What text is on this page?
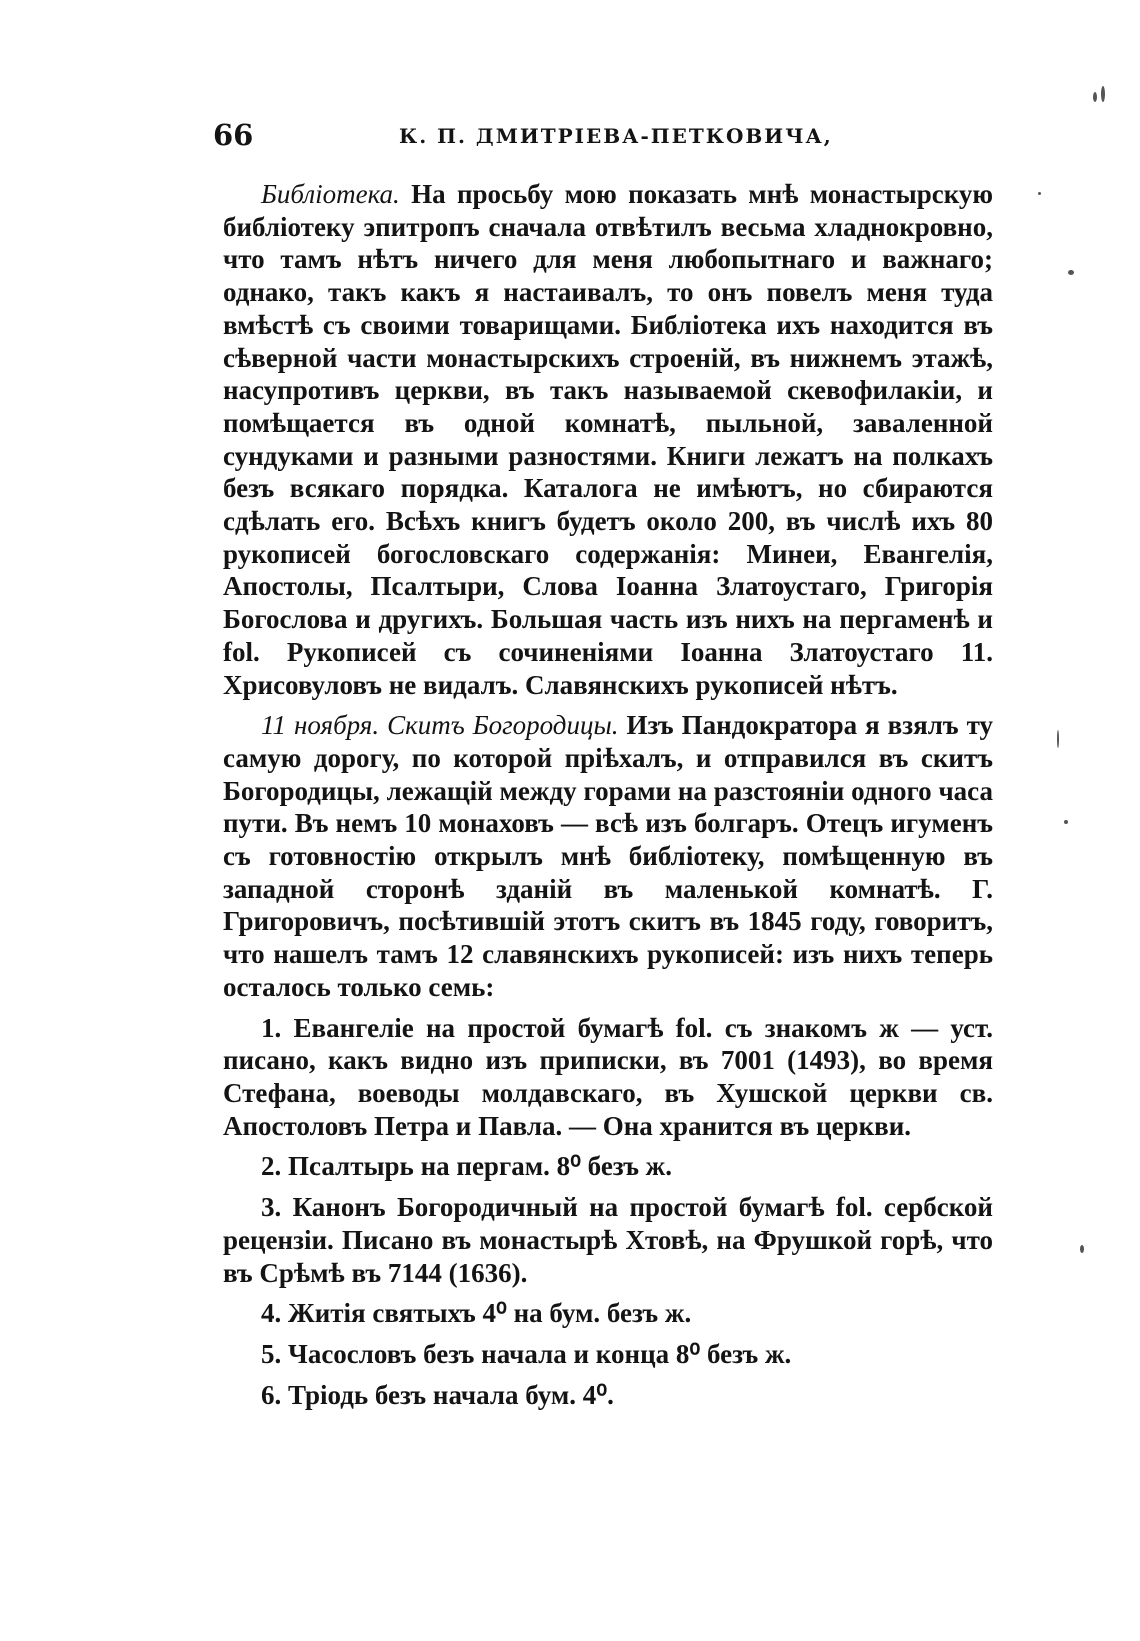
66	К. П. ДМИТРІЕВА-ПЕТКОВИЧА,

Библіотека. На просьбу мою показать мнѣ монастырскую библіотеку эпитропъ сначала отвѣтилъ весьма хладнокровно, что тамъ нѣтъ ничего для меня любопытнаго и важнаго; однако, такъ какъ я настаивалъ, то онъ повелъ меня туда вмѣстѣ съ своими товарищами. Библіотека ихъ находится въ сѣверной части монастырскихъ строеній, въ нижнемъ этажѣ, насупротивъ церкви, въ такъ называемой скевофилакіи, и помѣщается въ одной комнатѣ, пыльной, заваленной сундуками и разными разностями. Книги лежатъ на полкахъ безъ всякаго порядка. Каталога не имѣютъ, но сбираются сдѣлать его. Всѣхъ книгъ будетъ около 200, въ числѣ ихъ 80 рукописей богословскаго содержанія: Минеи, Евангелія, Апостолы, Псалтыри, Слова Іоанна Златоустаго, Григорія Богослова и другихъ. Большая часть изъ нихъ на пергаменѣ и fol. Рукописей съ сочиненіями Іоанна Златоустаго 11. Хрисовуловъ не видалъ. Славянскихъ рукописей нѣтъ.

11 ноября. Скитъ Богородицы. Изъ Пандократора я взялъ ту самую дорогу, по которой пріѣхалъ, и отправился въ скитъ Богородицы, лежащій между горами на разстояніи одного часа пути. Въ немъ 10 монаховъ — всѣ изъ болгаръ. Отецъ игуменъ съ готовностію открылъ мнѣ библіотеку, помѣщенную въ западной сторонѣ зданій въ маленькой комнатѣ. Г. Григоровичъ, посѣтившій этотъ скитъ въ 1845 году, говоритъ, что нашелъ тамъ 12 славянскихъ рукописей: изъ нихъ теперь осталось только семь:

1. Евангеліе на простой бумагѣ fol. съ знакомъ ж — уст. писано, какъ видно изъ приписки, въ 7001 (1493), во время Стефана, воеводы молдавскаго, въ Хушской церкви св. Апостоловъ Петра и Павла. — Она хранится въ церкви.

2. Псалтырь на пергам. 8⁰ безъ ж.

3. Канонъ Богородичный на простой бумагѣ fol. сербской рецензіи. Писано въ монастырѣ Хтовѣ, на Фрушкой горѣ, что въ Срѣмѣ въ 7144 (1636).

4. Житія святыхъ 4⁰ на бум. безъ ж.

5. Часословъ безъ начала и конца 8⁰ безъ ж.

6. Тріодь безъ начала бум. 4⁰.
